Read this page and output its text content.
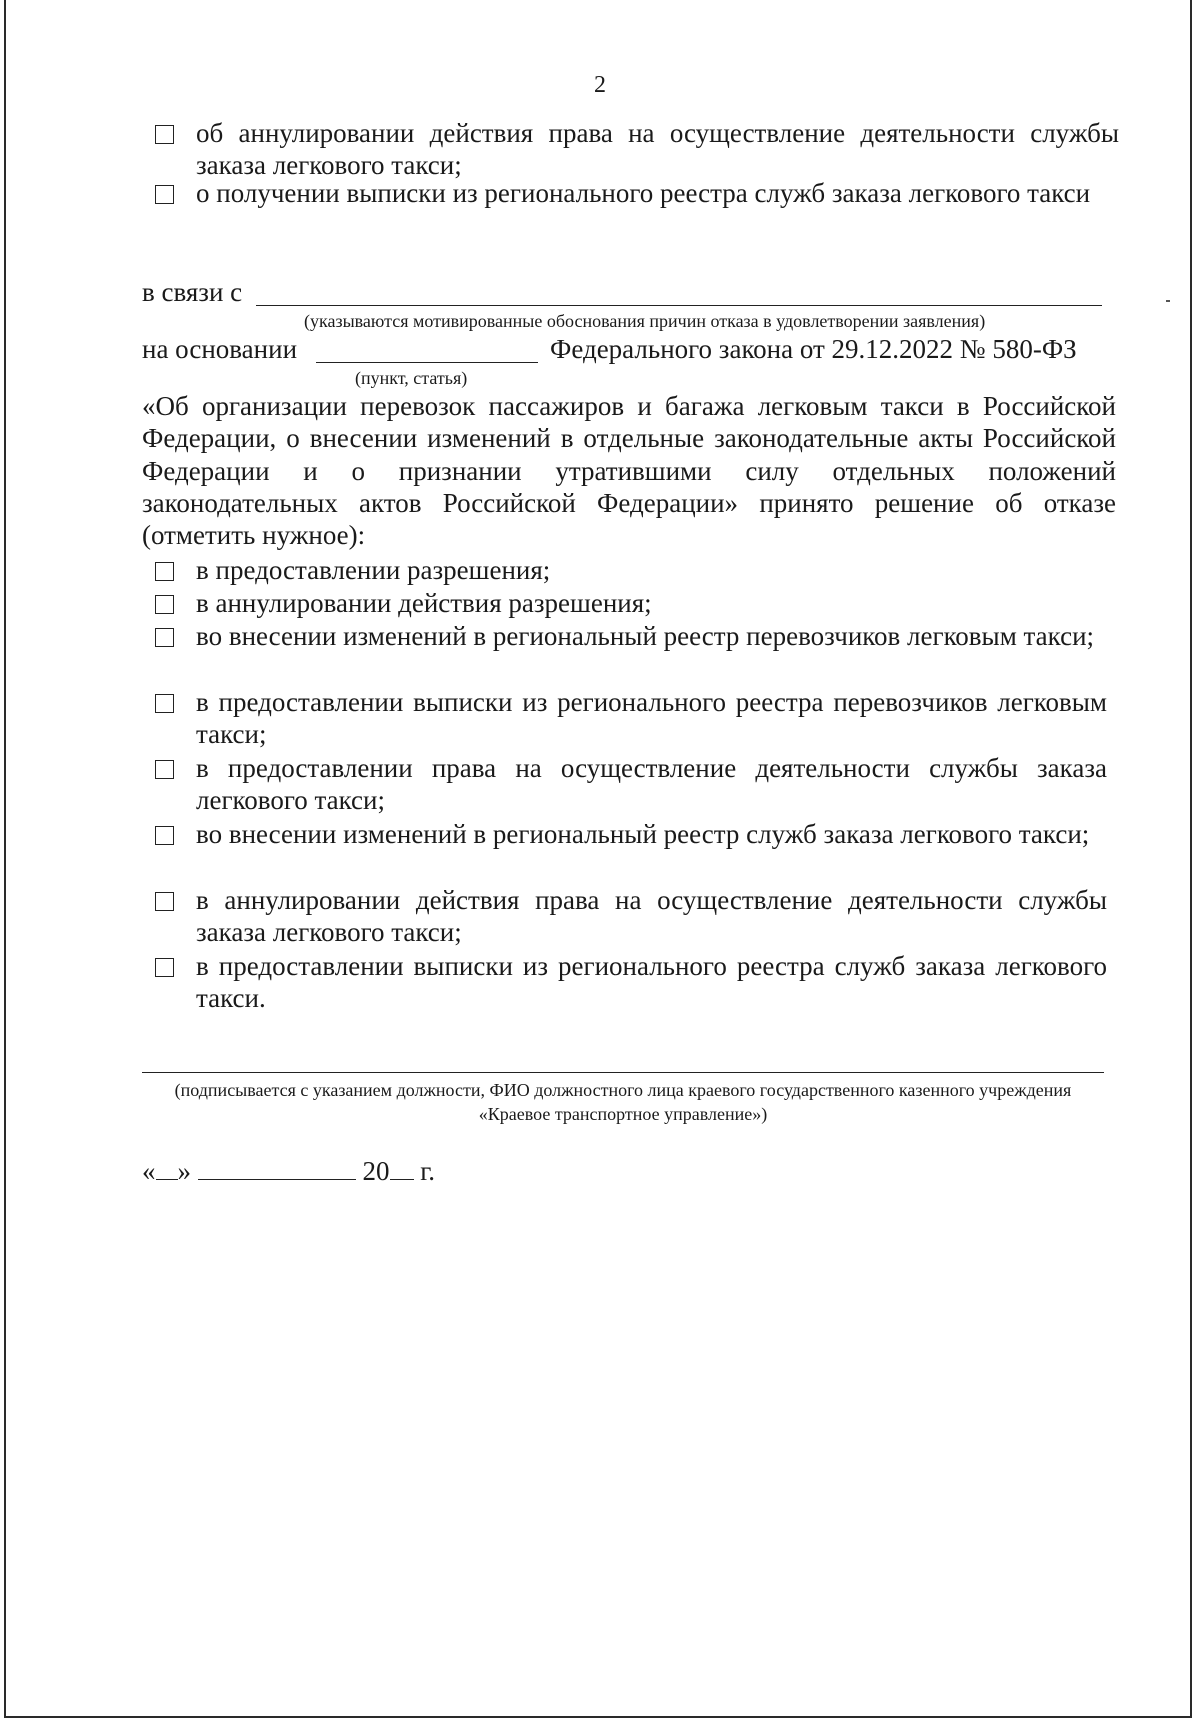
2
об аннулировании действия права на осуществление деятельности службы заказа легкового такси;
о получении выписки из регионального реестра служб заказа легкового такси
в связи с
(указываются мотивированные обоснования причин отказа в удовлетворении заявления)
на основании	Федерального закона от 29.12.2022 № 580-ФЗ
(пункт, статья)
«Об организации перевозок пассажиров и багажа легковым такси в Российской Федерации, о внесении изменений в отдельные законодательные акты Российской Федерации и о признании утратившими силу отдельных положений законодательных актов Российской Федерации» принято решение об отказе (отметить нужное):
в предоставлении разрешения;
в аннулировании действия разрешения;
во внесении изменений в региональный реестр перевозчиков легковым такси;
в предоставлении выписки из регионального реестра перевозчиков легковым такси;
в предоставлении права на осуществление деятельности службы заказа легкового такси;
во внесении изменений в региональный реестр служб заказа легкового такси;
в аннулировании действия права на осуществление деятельности службы заказа легкового такси;
в предоставлении выписки из регионального реестра служб заказа легкового такси.
(подписывается с указанием должности, ФИО должностного лица краевого государственного казенного учреждения «Краевое транспортное управление»)
« »	20 г.
